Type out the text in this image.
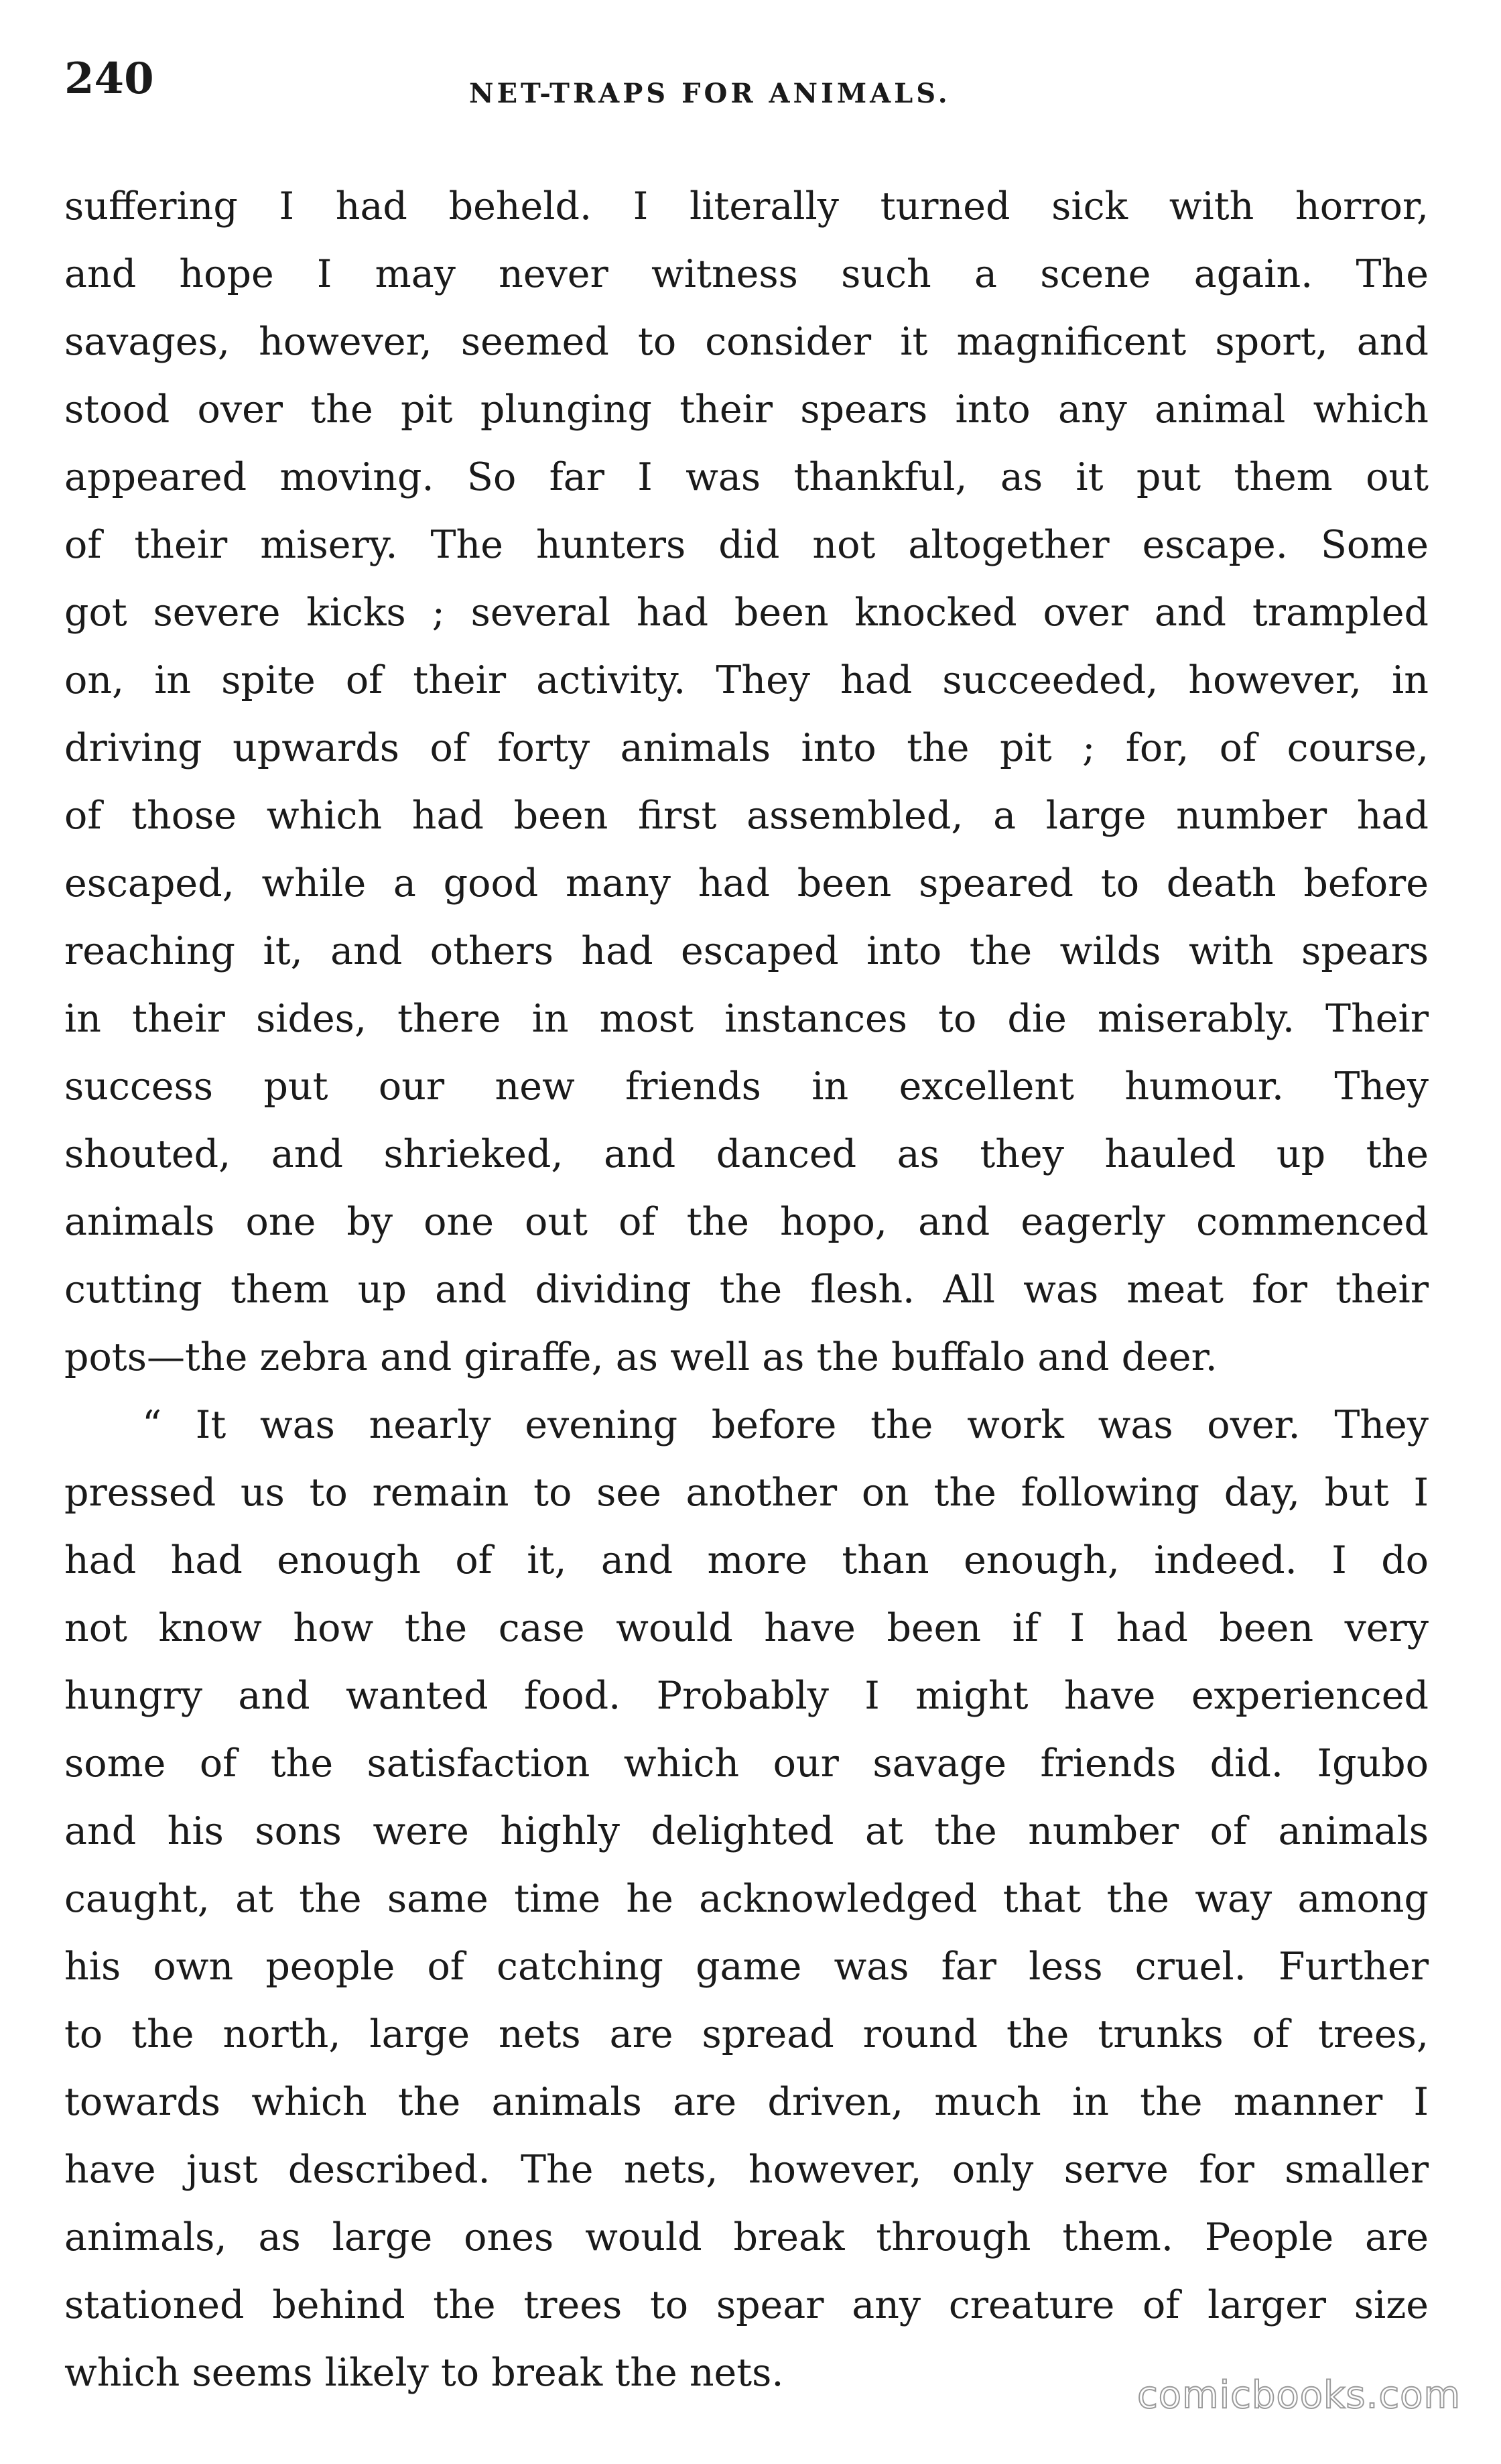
240	NET-TRAPS FOR ANIMALS.
suffering I had beheld. I literally turned sick with horror,
and hope I may never witness such a scene again. The
savages, however, seemed to consider it magnificent sport, and
stood over the pit plunging their spears into any animal which
appeared moving. So far I was thankful, as it put them out
of their misery. The hunters did not altogether escape. Some
got severe kicks ; several had been knocked over and trampled
on, in spite of their activity. They had succeeded, however, in
driving upwards of forty animals into the pit ; for, of course,
of those which had been first assembled, a large number had
escaped, while a good many had been speared to death before
reaching it, and others had escaped into the wilds with spears
in their sides, there in most instances to die miserably. Their
success put our new friends in excellent humour. They
shouted, and shrieked, and danced as they hauled up the
animals one by one out of the hopo, and eagerly commenced
cutting them up and dividing the flesh. All was meat for their
pots—the zebra and giraffe, as well as the buffalo and deer.
“ It was nearly evening before the work was over. They
pressed us to remain to see another on the following day, but I
had had enough of it, and more than enough, indeed. I do
not know how the case would have been if I had been very
hungry and wanted food. Probably I might have experienced
some of the satisfaction which our savage friends did. Igubo
and his sons were highly delighted at the number of animals
caught, at the same time he acknowledged that the way among
his own people of catching game was far less cruel. Further
to the north, large nets are spread round the trunks of trees,
towards which the animals are driven, much in the manner I
have just described. The nets, however, only serve for smaller
animals, as large ones would break through them. People are
stationed behind the trees to spear any creature of larger size
which seems likely to break the nets.
comicbooks.com
